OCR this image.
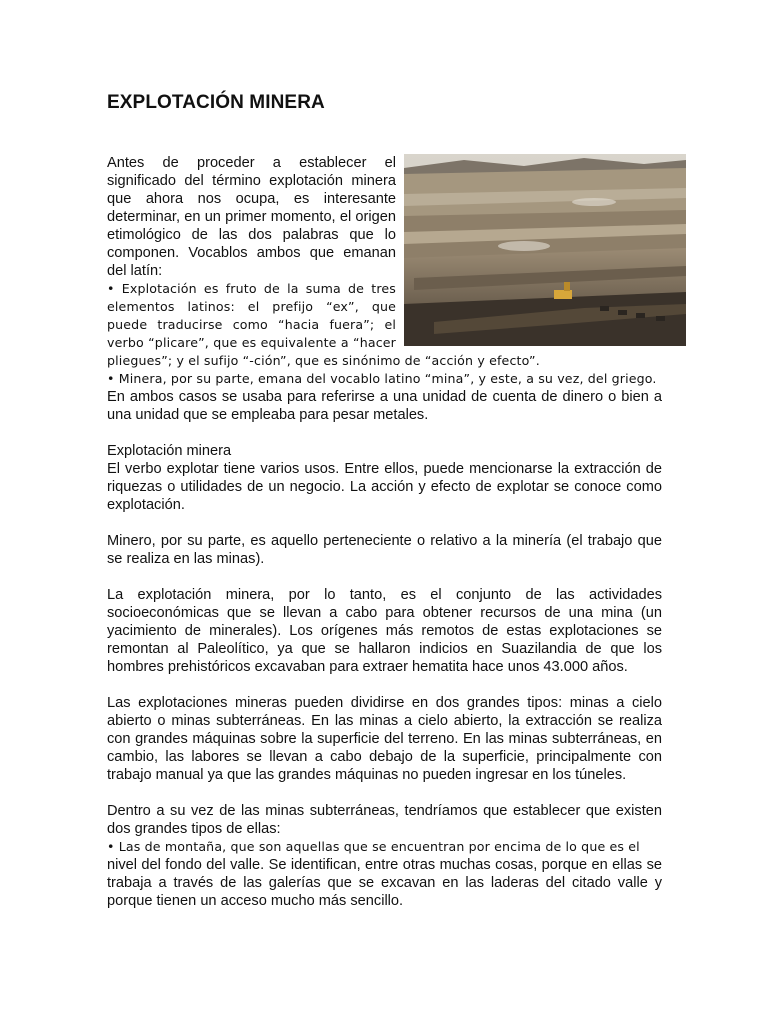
EXPLOTACIÓN MINERA

Antes de proceder a establecer el significado del término explotación minera que ahora nos ocupa, es interesante determinar, en un primer momento, el origen etimológico de las dos palabras que lo componen. Vocablos ambos que emanan del latín:
• Explotación es fruto de la suma de tres elementos latinos: el prefijo “ex”, que puede traducirse como “hacia fuera”; el verbo “plicare”, que es equivalente a “hacer pliegues”; y el sufijo “-ción”, que es sinónimo de “acción y efecto”.
• Minera, por su parte, emana del vocablo latino “mina”, y este, a su vez, del griego.
En ambos casos se usaba para referirse a una unidad de cuenta de dinero o bien a una unidad que se empleaba para pesar metales.

Explotación minera
El verbo explotar tiene varios usos. Entre ellos, puede mencionarse la extracción de riquezas o utilidades de un negocio. La acción y efecto de explotar se conoce como explotación.

Minero, por su parte, es aquello perteneciente o relativo a la minería (el trabajo que se realiza en las minas).

La explotación minera, por lo tanto, es el conjunto de las actividades socioeconómicas que se llevan a cabo para obtener recursos de una mina (un yacimiento de minerales). Los orígenes más remotos de estas explotaciones se remontan al Paleolítico, ya que se hallaron indicios en Suazilandia de que los hombres prehistóricos excavaban para extraer hematita hace unos 43.000 años.

Las explotaciones mineras pueden dividirse en dos grandes tipos: minas a cielo abierto o minas subterráneas. En las minas a cielo abierto, la extracción se realiza con grandes máquinas sobre la superficie del terreno. En las minas subterráneas, en cambio, las labores se llevan a cabo debajo de la superficie, principalmente con trabajo manual ya que las grandes máquinas no pueden ingresar en los túneles.

Dentro a su vez de las minas subterráneas, tendríamos que establecer que existen dos grandes tipos de ellas:
• Las de montaña, que son aquellas que se encuentran por encima de lo que es el
nivel del fondo del valle. Se identifican, entre otras muchas cosas, porque en ellas se trabaja a través de las galerías que se excavan en las laderas del citado valle y porque tienen un acceso mucho más sencillo.
